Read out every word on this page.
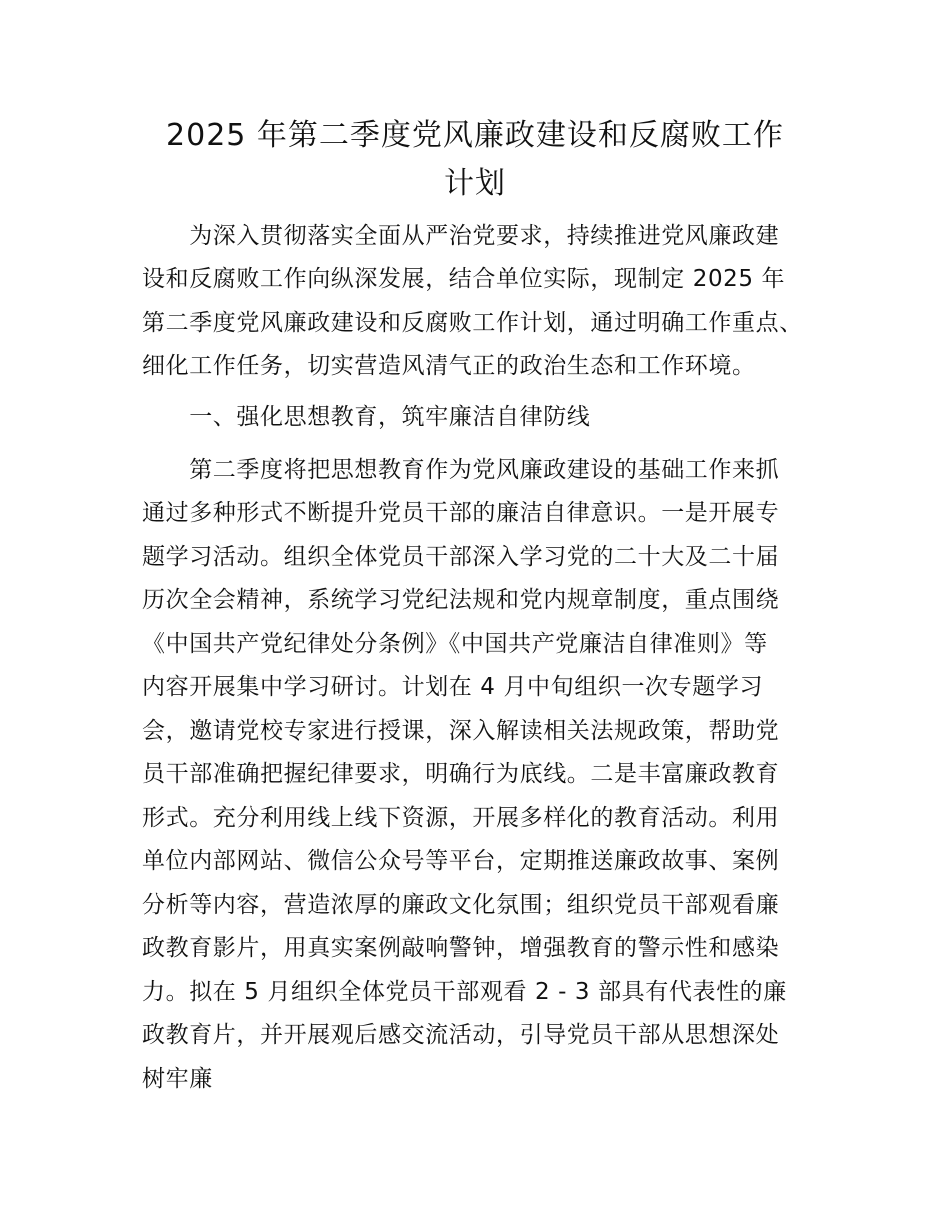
2025 年第二季度党风廉政建设和反腐败工作
计划

　　为深入贯彻落实全面从严治党要求，持续推进党风廉政建

设和反腐败工作向纵深发展，结合单位实际，现制定 2025 年

第二季度党风廉政建设和反腐败工作计划，通过明确工作重点、

细化工作任务，切实营造风清气正的政治生态和工作环境。

　　一、强化思想教育，筑牢廉洁自律防线

　　第二季度将把思想教育作为党风廉政建设的基础工作来抓

通过多种形式不断提升党员干部的廉洁自律意识。一是开展专

题学习活动。组织全体党员干部深入学习党的二十大及二十届

历次全会精神，系统学习党纪法规和党内规章制度，重点围绕

《中国共产党纪律处分条例》《中国共产党廉洁自律准则》等

内容开展集中学习研讨。计划在 4 月中旬组织一次专题学习

会，邀请党校专家进行授课，深入解读相关法规政策，帮助党

员干部准确把握纪律要求，明确行为底线。二是丰富廉政教育

形式。充分利用线上线下资源，开展多样化的教育活动。利用

单位内部网站、微信公众号等平台，定期推送廉政故事、案例

分析等内容，营造浓厚的廉政文化氛围；组织党员干部观看廉

政教育影片，用真实案例敲响警钟，增强教育的警示性和感染

力。拟在 5 月组织全体党员干部观看 2 - 3 部具有代表性的廉

政教育片，并开展观后感交流活动，引导党员干部从思想深处

树牢廉
